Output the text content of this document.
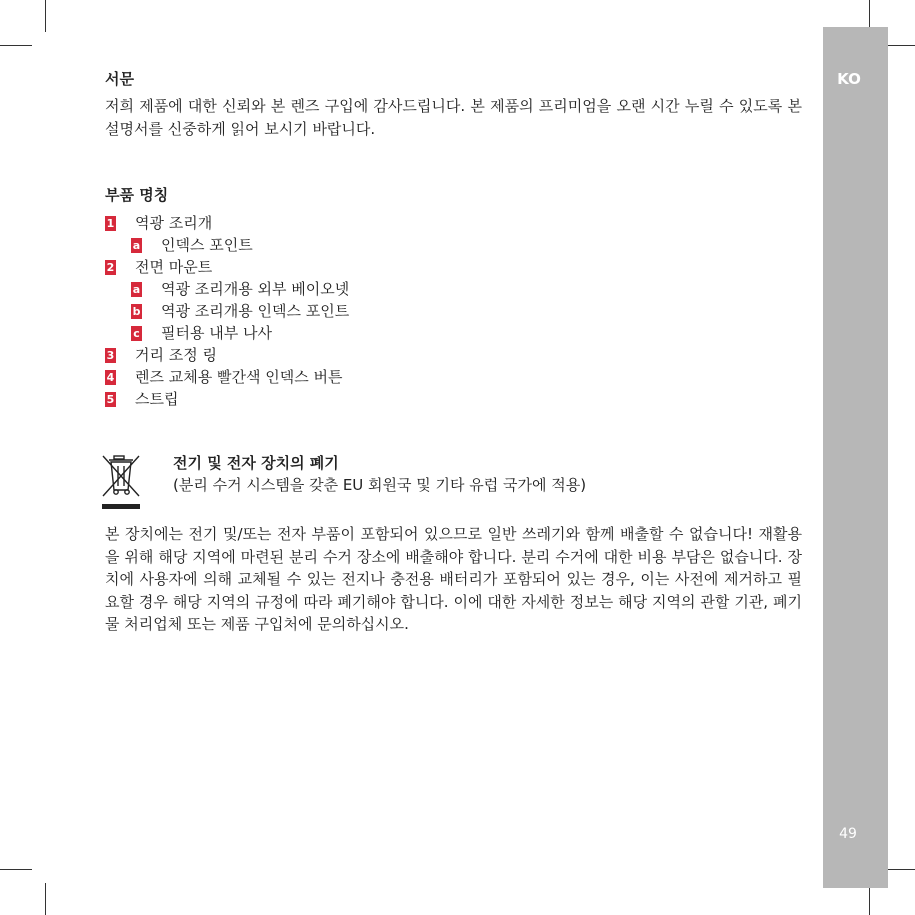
KO
49
서문

저희 제품에 대한 신뢰와 본 렌즈 구입에 감사드립니다. 본 제품의 프리미엄을 오랜 시간 누릴 수 있도록 본 설명서를 신중하게 읽어 보시기 바랍니다.

부품 명칭
1 역광 조리개
a 인덱스 포인트
2 전면 마운트
a 역광 조리개용 외부 베이오넷
b 역광 조리개용 인덱스 포인트
c 필터용 내부 나사
3 거리 조정 링
4 렌즈 교체용 빨간색 인덱스 버튼
5 스트립
전기 및 전자 장치의 폐기
(분리 수거 시스템을 갖춘 EU 회원국 및 기타 유럽 국가에 적용)

본 장치에는 전기 및/또는 전자 부품이 포함되어 있으므로 일반 쓰레기와 함께 배출할 수 없습니다! 재활용을 위해 해당 지역에 마련된 분리 수거 장소에 배출해야 합니다. 분리 수거에 대한 비용 부담은 없습니다. 장치에 사용자에 의해 교체될 수 있는 전지나 충전용 배터리가 포함되어 있는 경우, 이는 사전에 제거하고 필요할 경우 해당 지역의 규정에 따라 폐기해야 합니다. 이에 대한 자세한 정보는 해당 지역의 관할 기관, 폐기물 처리업체 또는 제품 구입처에 문의하십시오.
